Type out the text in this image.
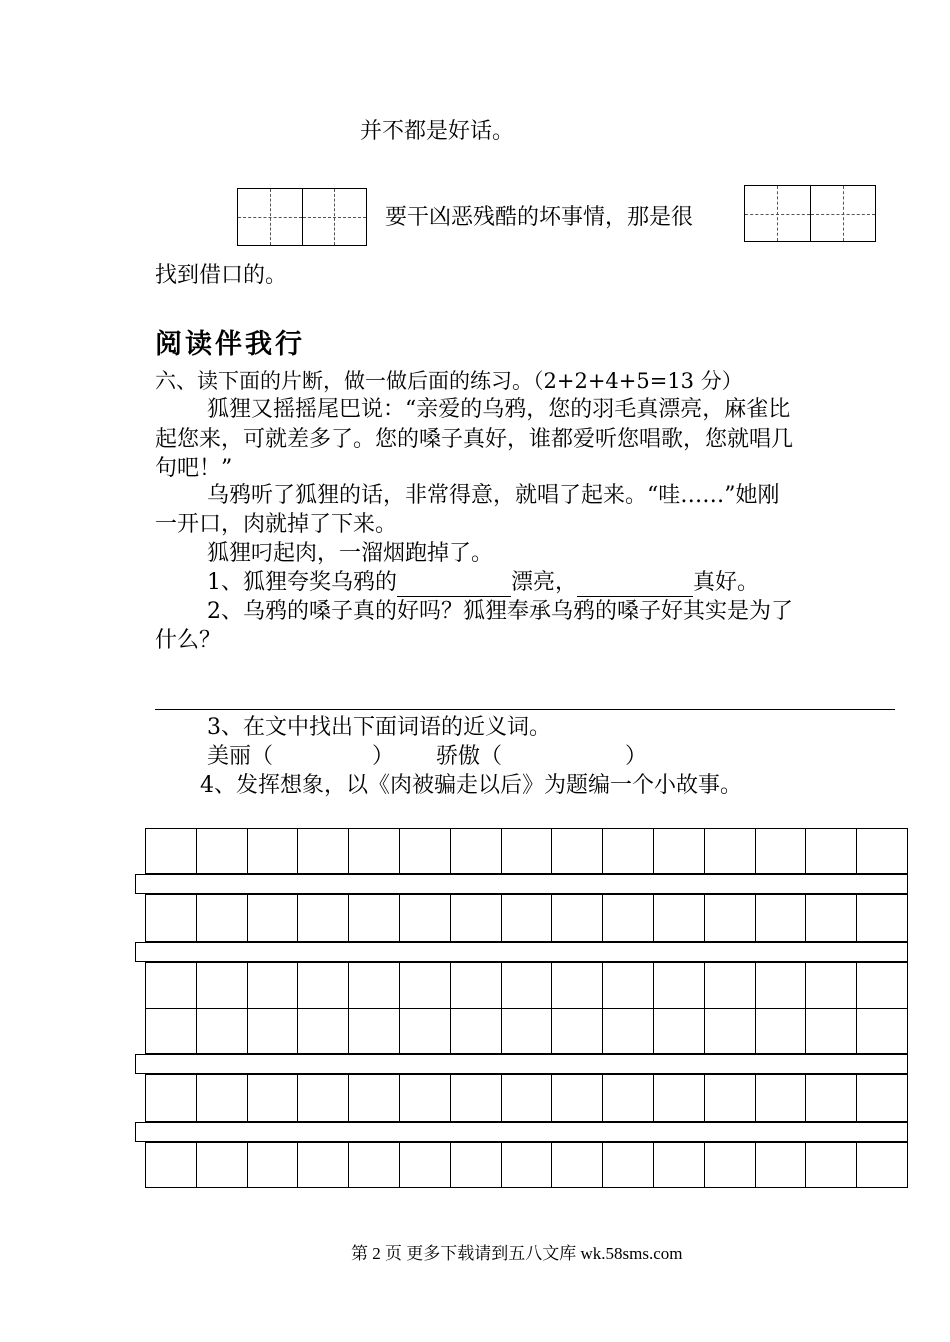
并不都是好话。
要干凶恶残酷的坏事情，那是很
找到借口的。
阅读伴我行
六、读下面的片断，做一做后面的练习。（2+2+4+5=13 分）
狐狸又摇摇尾巴说：“亲爱的乌鸦，您的羽毛真漂亮，麻雀比
起您来，可就差多了。您的嗓子真好，谁都爱听您唱歌，您就唱几
句吧！”
乌鸦听了狐狸的话，非常得意，就唱了起来。“哇……”她刚
一开口，肉就掉了下来。
狐狸叼起肉，一溜烟跑掉了。
1、狐狸夸奖乌鸦的	漂亮，	真好。
2、乌鸦的嗓子真的好吗？狐狸奉承乌鸦的嗓子好其实是为了
什么？
3、在文中找出下面词语的近义词。
美丽（	） 骄傲（	）
4、发挥想象，以《肉被骗走以后》为题编一个小故事。
第 2 页 更多下载请到五八文库 wk.58sms.com
